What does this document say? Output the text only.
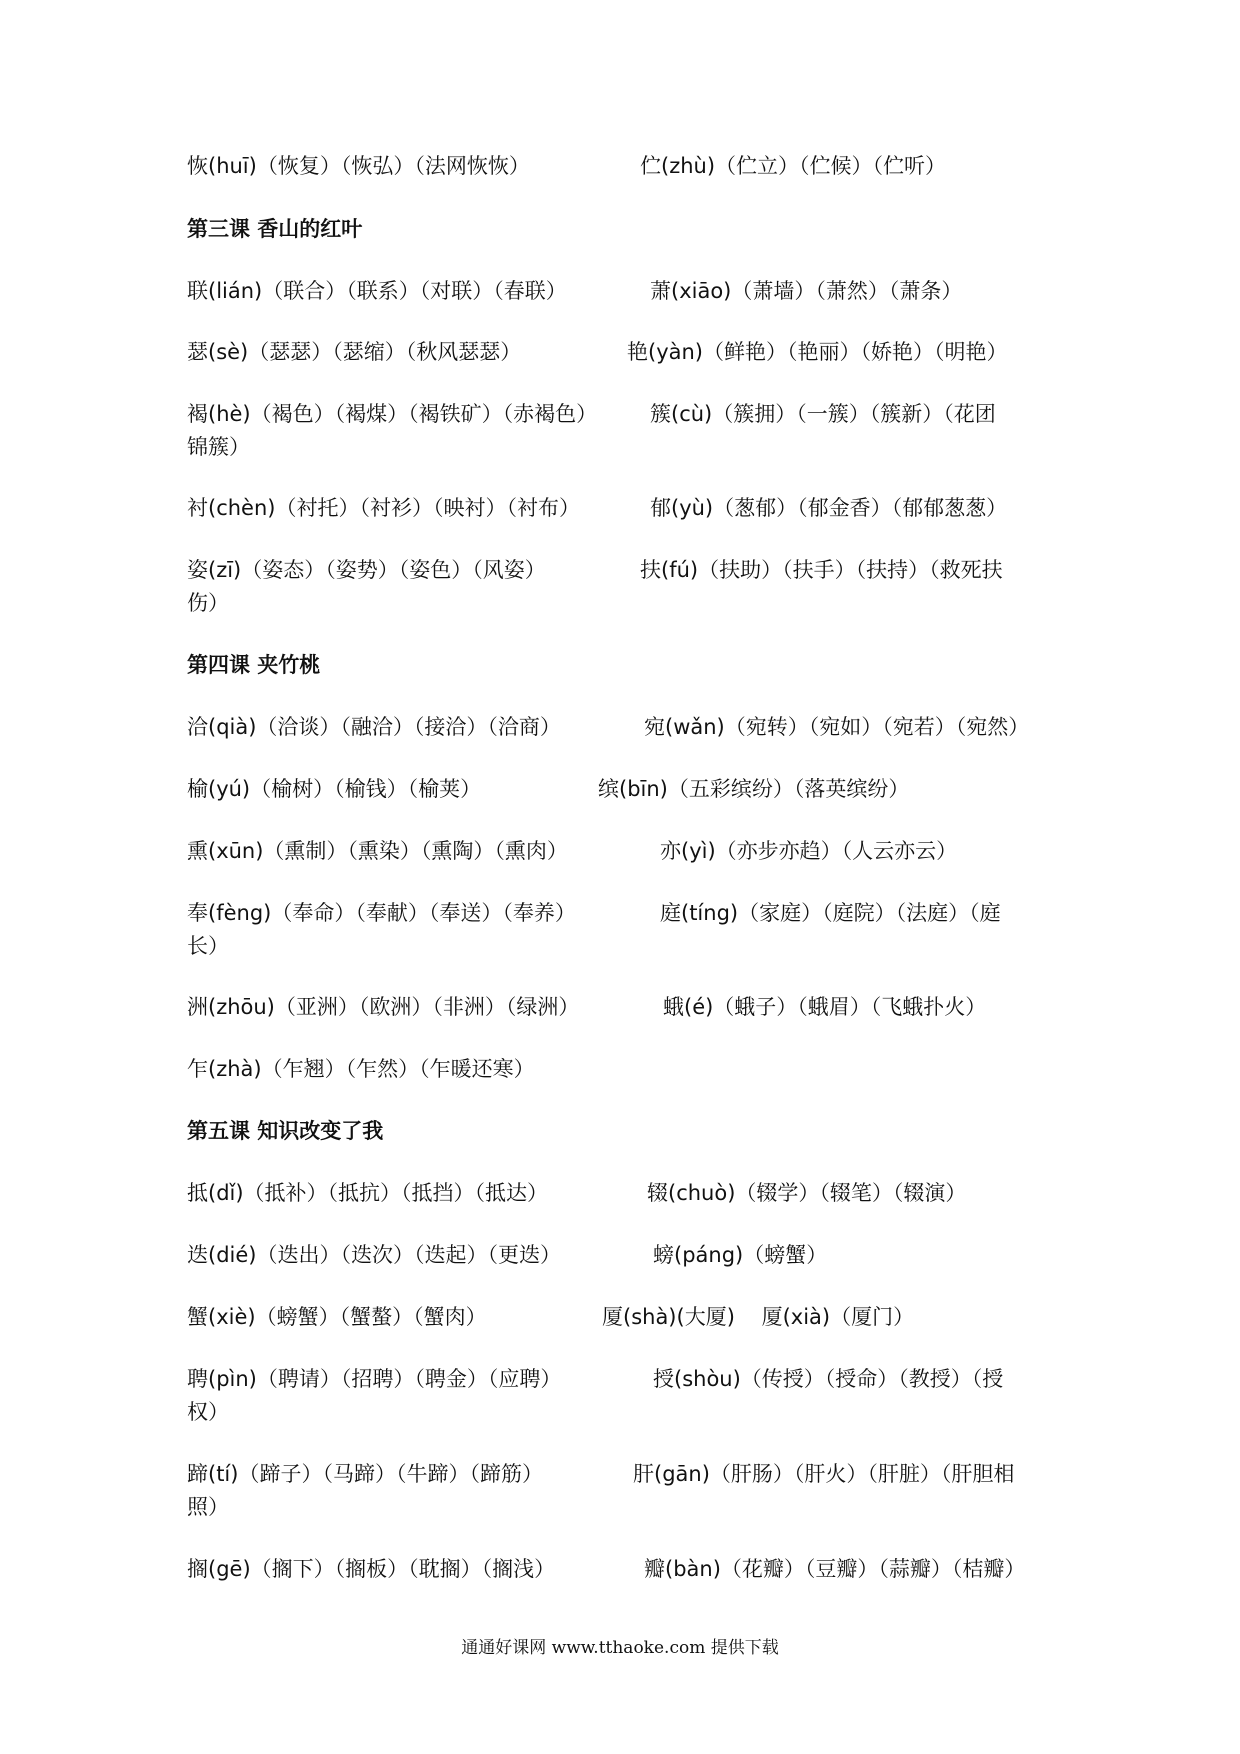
恢(huī)（恢复）（恢弘）（法网恢恢）	伫(zhù)（伫立）（伫候）（伫听）
第三课 香山的红叶
联(lián)（联合）（联系）（对联）（春联）	萧(xiāo)（萧墙）（萧然）（萧条）
瑟(sè)（瑟瑟）（瑟缩）（秋风瑟瑟）	艳(yàn)（鲜艳）（艳丽）（娇艳）（明艳）
褐(hè)（褐色）（褐煤）（褐铁矿）（赤褐色）	簇(cù)（簇拥）（一簇）（簇新）（花团
锦簇）
衬(chèn)（衬托）（衬衫）（映衬）（衬布）	郁(yù)（葱郁）（郁金香）（郁郁葱葱）
姿(zī)（姿态）（姿势）（姿色）（风姿）	扶(fú)（扶助）（扶手）（扶持）（救死扶
伤）
第四课 夹竹桃
洽(qià)（洽谈）（融洽）（接洽）（洽商）	宛(wǎn)（宛转）（宛如）（宛若）（宛然）
榆(yú)（榆树）（榆钱）（榆荚）	缤(bīn)（五彩缤纷）（落英缤纷）
熏(xūn)（熏制）（熏染）（熏陶）（熏肉）	亦(yì)（亦步亦趋）（人云亦云）
奉(fèng)（奉命）（奉献）（奉送）（奉养）	庭(tíng)（家庭）（庭院）（法庭）（庭
长）
洲(zhōu)（亚洲）（欧洲）（非洲）（绿洲）	蛾(é)（蛾子）（蛾眉）（飞蛾扑火）
乍(zhà)（乍翘）（乍然）（乍暖还寒）
第五课 知识改变了我
抵(dǐ)（抵补）（抵抗）（抵挡）（抵达）	辍(chuò)（辍学）（辍笔）（辍演）
迭(dié)（迭出）（迭次）（迭起）（更迭）	螃(páng)（螃蟹）
蟹(xiè)（螃蟹）（蟹螯）（蟹肉）	厦(shà)(大厦)    厦(xià)（厦门）
聘(pìn)（聘请）（招聘）（聘金）（应聘）	授(shòu)（传授）（授命）（教授）（授
权）
蹄(tí)（蹄子）（马蹄）（牛蹄）（蹄筋）	肝(gān)（肝肠）（肝火）（肝脏）（肝胆相
照）
搁(gē)（搁下）（搁板）（耽搁）（搁浅）	瓣(bàn)（花瓣）（豆瓣）（蒜瓣）（桔瓣）
通通好课网 www.tthaoke.com 提供下载
